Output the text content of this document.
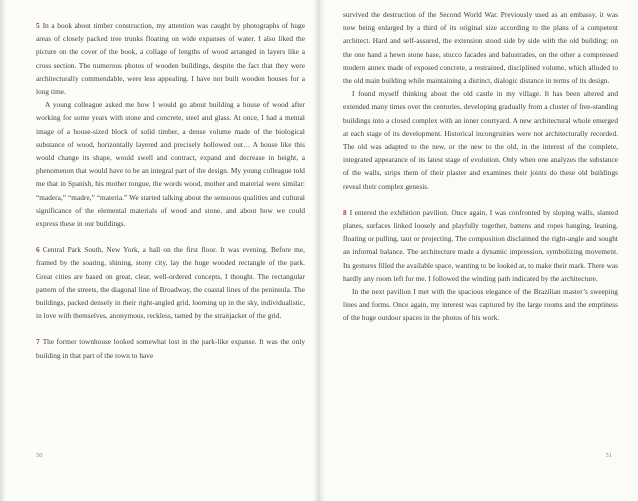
5 In a book about timber construction, my attention was caught by photographs of huge areas of closely packed tree trunks floating on wide expanses of water. I also liked the picture on the cover of the book, a collage of lengths of wood arranged in layers like a cross section. The numerous photos of wooden buildings, despite the fact that they were architecturally commendable, were less appealing. I have not built wooden houses for a long time.

A young colleague asked me how I would go about building a house of wood after working for some years with stone and concrete, steel and glass. At once, I had a mental image of a house-sized block of solid timber, a dense volume made of the biological substance of wood, horizontally layered and precisely hollowed out… A house like this would change its shape, would swell and contract, expand and decrease in height, a phenomenon that would have to be an integral part of the design. My young colleague told me that in Spanish, his mother tongue, the words wood, mother and material were similar: “madera,” “madre,” “materia.” We started talking about the sensuous qualities and cultural significance of the elemental materials of wood and stone, and about how we could express these in our buildings.

6 Central Park South, New York, a hall on the first floor. It was evening. Before me, framed by the soaring, shining, stony city, lay the huge wooded rectangle of the park. Great cities are based on great, clear, well-ordered concepts, I thought. The rectangular pattern of the streets, the diagonal line of Broadway, the coastal lines of the peninsula. The buildings, packed densely in their right-angled grid, looming up in the sky, individualistic, in love with themselves, anonymous, reckless, tamed by the straitjacket of the grid.

7 The former townhouse looked somewhat lost in the park-like expanse. It was the only building in that part of the town to have

50

survived the destruction of the Second World War. Previously used as an embassy, it was now being enlarged by a third of its original size according to the plans of a competent architect. Hard and self-assured, the extension stood side by side with the old building; on the one hand a hewn stone base, stucco facades and balustrades, on the other a compressed modern annex made of exposed concrete, a restrained, disciplined volume, which alluded to the old main building while maintaining a distinct, dialogic distance in terms of its design.

I found myself thinking about the old castle in my village. It has been altered and extended many times over the centuries, developing gradually from a cluster of free-standing buildings into a closed complex with an inner courtyard. A new architectural whole emerged at each stage of its development. Historical incongruities were not architecturally recorded. The old was adapted to the new, or the new to the old, in the interest of the complete, integrated appearance of its latest stage of evolution. Only when one analyzes the substance of the walls, strips them of their plaster and examines their joints do these old buildings reveal their complex genesis.

8 I entered the exhibition pavilion. Once again, I was confronted by sloping walls, slanted planes, surfaces linked loosely and playfully together, battens and ropes hanging, leaning, floating or pulling, taut or projecting. The composition disclaimed the right-angle and sought an informal balance. The architecture made a dynamic impression, symbolizing movement. Its gestures filled the available space, wanting to be looked at, to make their mark. There was hardly any room left for me. I followed the winding path indicated by the architecture.

In the next pavilion I met with the spacious elegance of the Brazilian master’s sweeping lines and forms. Once again, my interest was captured by the large rooms and the emptiness of the huge outdoor spaces in the photos of his work.

51
